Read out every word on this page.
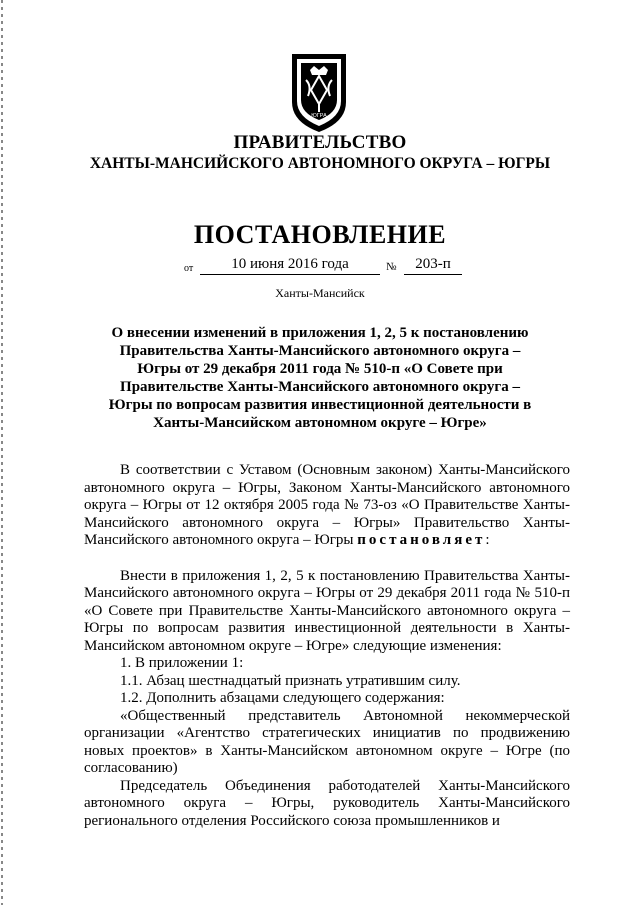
ЮГРА
ПРАВИТЕЛЬСТВО
ХАНТЫ-МАНСИЙСКОГО АВТОНОМНОГО ОКРУГА – ЮГРЫ
ПОСТАНОВЛЕНИЕ
от	10 июня 2016 года	№	203-п
Ханты-Мансийск
О внесении изменений в приложения 1, 2, 5 к постановлению Правительства Ханты-Мансийского автономного округа – Югры от 29 декабря 2011 года № 510-п «О Совете при Правительстве Ханты-Мансийского автономного округа – Югры по вопросам развития инвестиционной деятельности в Ханты-Мансийском автономном округе – Югре»

В соответствии с Уставом (Основным законом) Ханты-Мансийского автономного округа – Югры, Законом Ханты-Мансийского автономного округа – Югры от 12 октября 2005 года № 73-оз «О Правительстве Ханты-Мансийского автономного округа – Югры» Правительство Ханты-Мансийского автономного округа – Югры постановляет:

Внести в приложения 1, 2, 5 к постановлению Правительства Ханты-Мансийского автономного округа – Югры от 29 декабря 2011 года № 510-п «О Совете при Правительстве Ханты-Мансийского автономного округа – Югры по вопросам развития инвестиционной деятельности в Ханты-Мансийском автономном округе – Югре» следующие изменения:

1. В приложении 1:

1.1. Абзац шестнадцатый признать утратившим силу.

1.2. Дополнить абзацами следующего содержания:

«Общественный представитель Автономной некоммерческой организации «Агентство стратегических инициатив по продвижению новых проектов» в Ханты-Мансийском автономном округе – Югре (по согласованию)

Председатель Объединения работодателей Ханты-Мансийского автономного округа – Югры, руководитель Ханты-Мансийского регионального отделения Российского союза промышленников и
